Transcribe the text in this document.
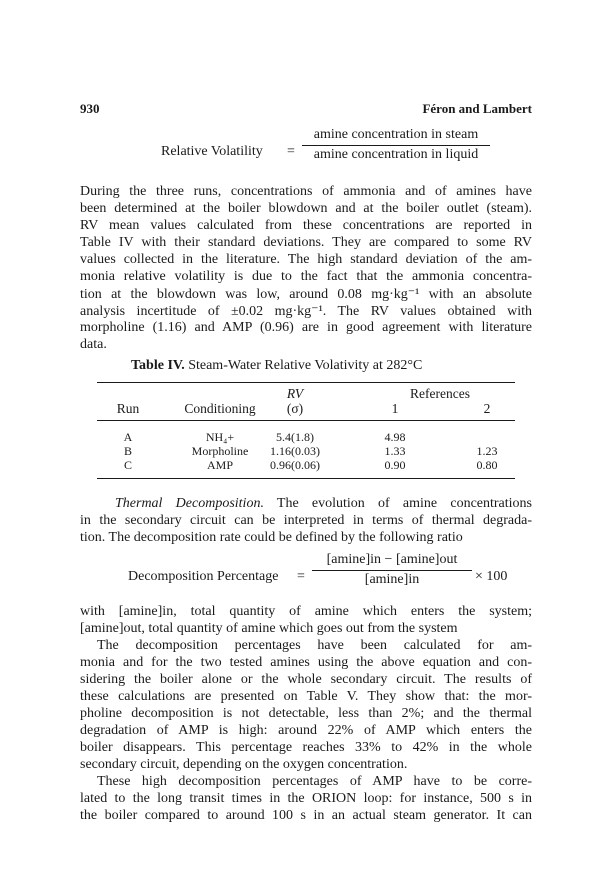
930	Féron and Lambert
Relative Volatility =
amine concentration in steam
amine concentration in liquid
During the three runs, concentrations of ammonia and of amines have
been determined at the boiler blowdown and at the boiler outlet (steam).
RV mean values calculated from these concentrations are reported in
Table IV with their standard deviations. They are compared to some RV
values collected in the literature. The high standard deviation of the am-
monia relative volatility is due to the fact that the ammonia concentra-
tion at the blowdown was low, around 0.08 mg·kg⁻¹ with an absolute
analysis incertitude of ±0.02 mg·kg⁻¹. The RV values obtained with
morpholine (1.16) and AMP (0.96) are in good agreement with literature
data.
Table IV. Steam-Water Relative Volativity at 282°C
RV	References
Run	Conditioning	(σ)	1	2
A	NH₄+	5.4(1.8)	4.98
B	Morpholine	1.16(0.03)	1.33	1.23
C	AMP	0.96(0.06)	0.90	0.80
Thermal Decomposition. The evolution of amine concentrations
in the secondary circuit can be interpreted in terms of thermal degrada-
tion. The decomposition rate could be defined by the following ratio
Decomposition Percentage =
[amine]in − [amine]out
[amine]in	× 100
with [amine]in, total quantity of amine which enters the system;
[amine]out, total quantity of amine which goes out from the system
The decomposition percentages have been calculated for am-
monia and for the two tested amines using the above equation and con-
sidering the boiler alone or the whole secondary circuit. The results of
these calculations are presented on Table V. They show that: the mor-
pholine decomposition is not detectable, less than 2%; and the thermal
degradation of AMP is high: around 22% of AMP which enters the
boiler disappears. This percentage reaches 33% to 42% in the whole
secondary circuit, depending on the oxygen concentration.
These high decomposition percentages of AMP have to be corre-
lated to the long transit times in the ORION loop: for instance, 500 s in
the boiler compared to around 100 s in an actual steam generator. It can
